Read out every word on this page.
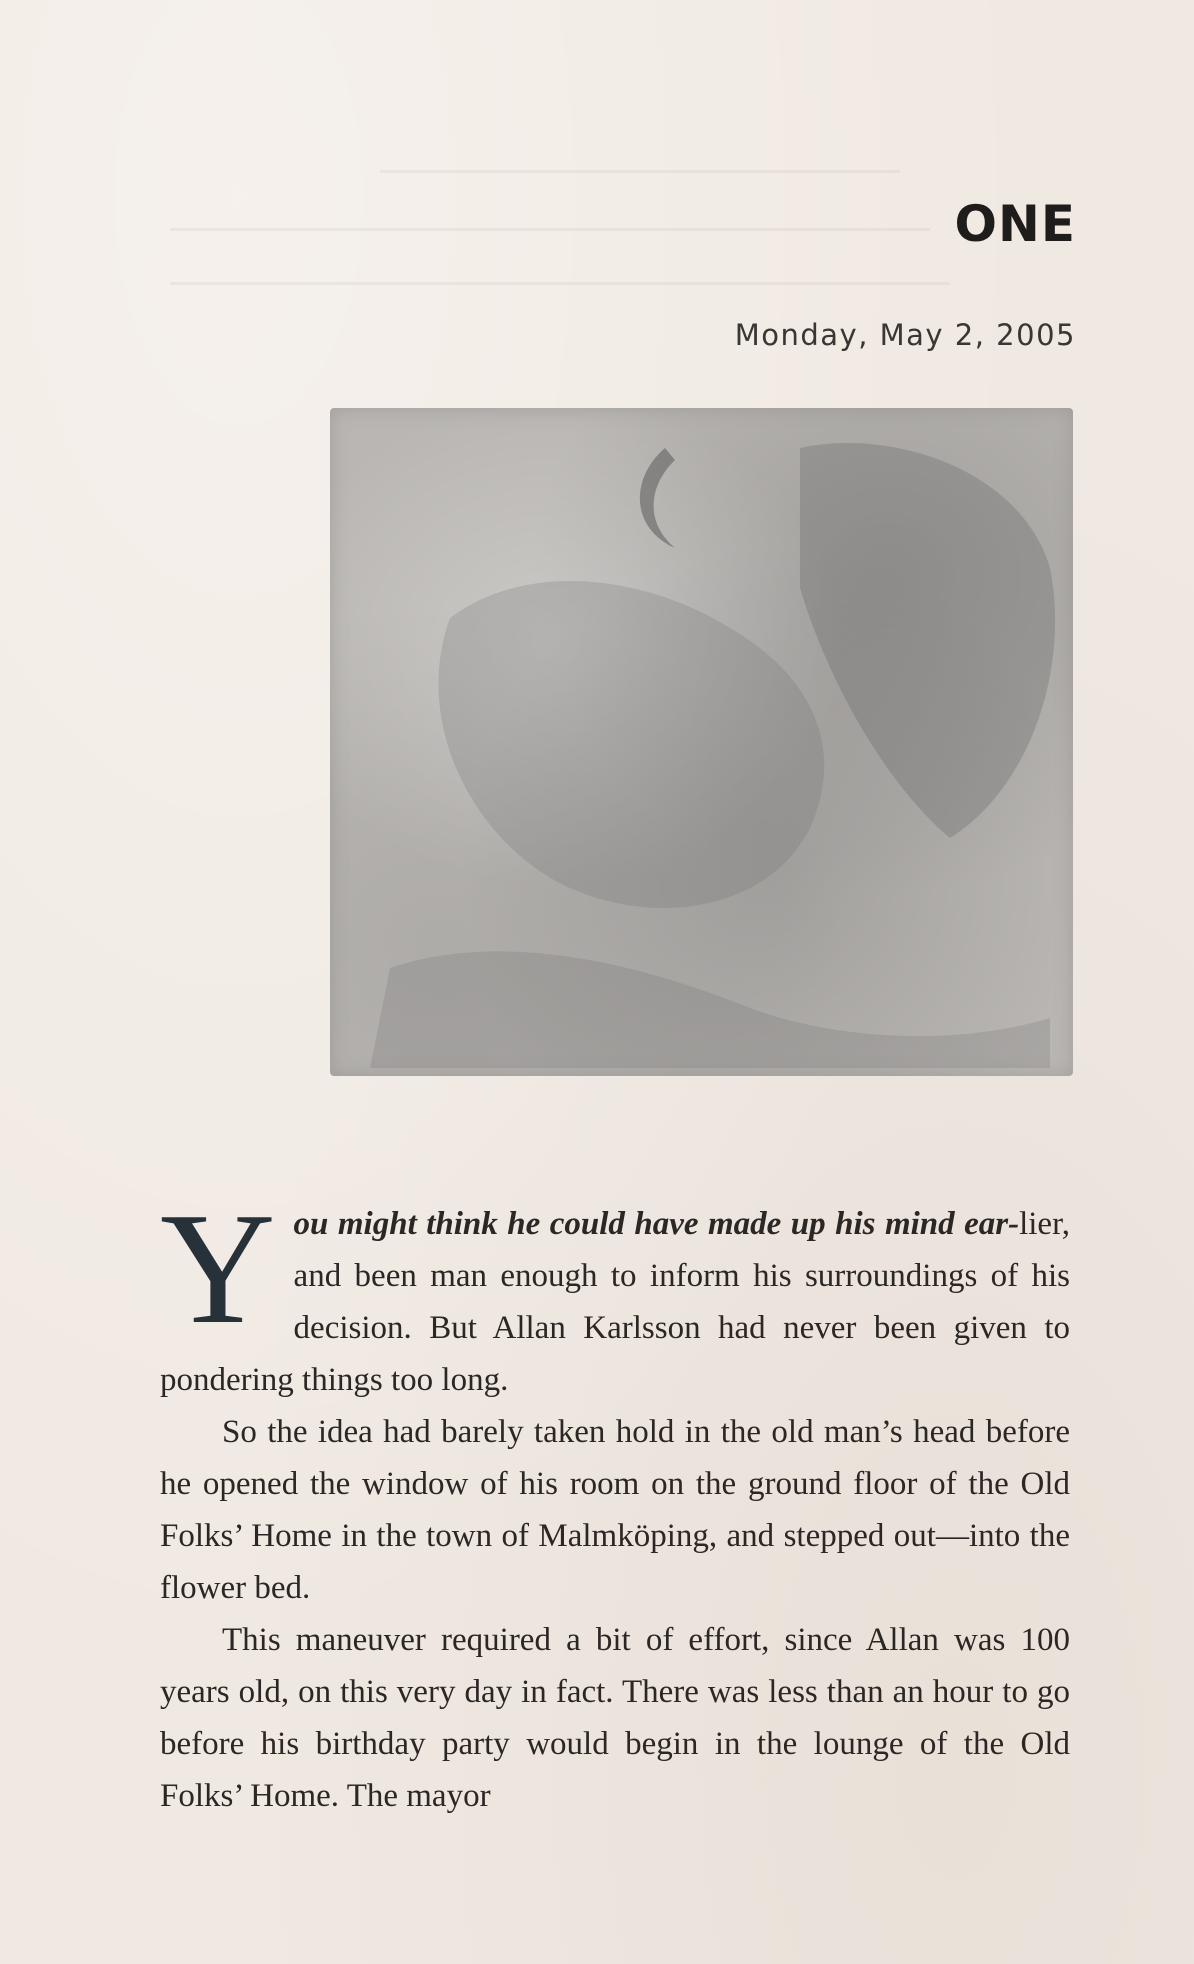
ONE

Monday, May 2, 2005

You might think he could have made up his mind ear-lier, and been man enough to inform his surroundings of his decision. But Allan Karlsson had never been given to pondering things too long.

So the idea had barely taken hold in the old man’s head before he opened the window of his room on the ground floor of the Old Folks’ Home in the town of Malmköping, and stepped out—into the flower bed.

This maneuver required a bit of effort, since Allan was 100 years old, on this very day in fact. There was less than an hour to go before his birthday party would begin in the lounge of the Old Folks’ Home. The mayor
